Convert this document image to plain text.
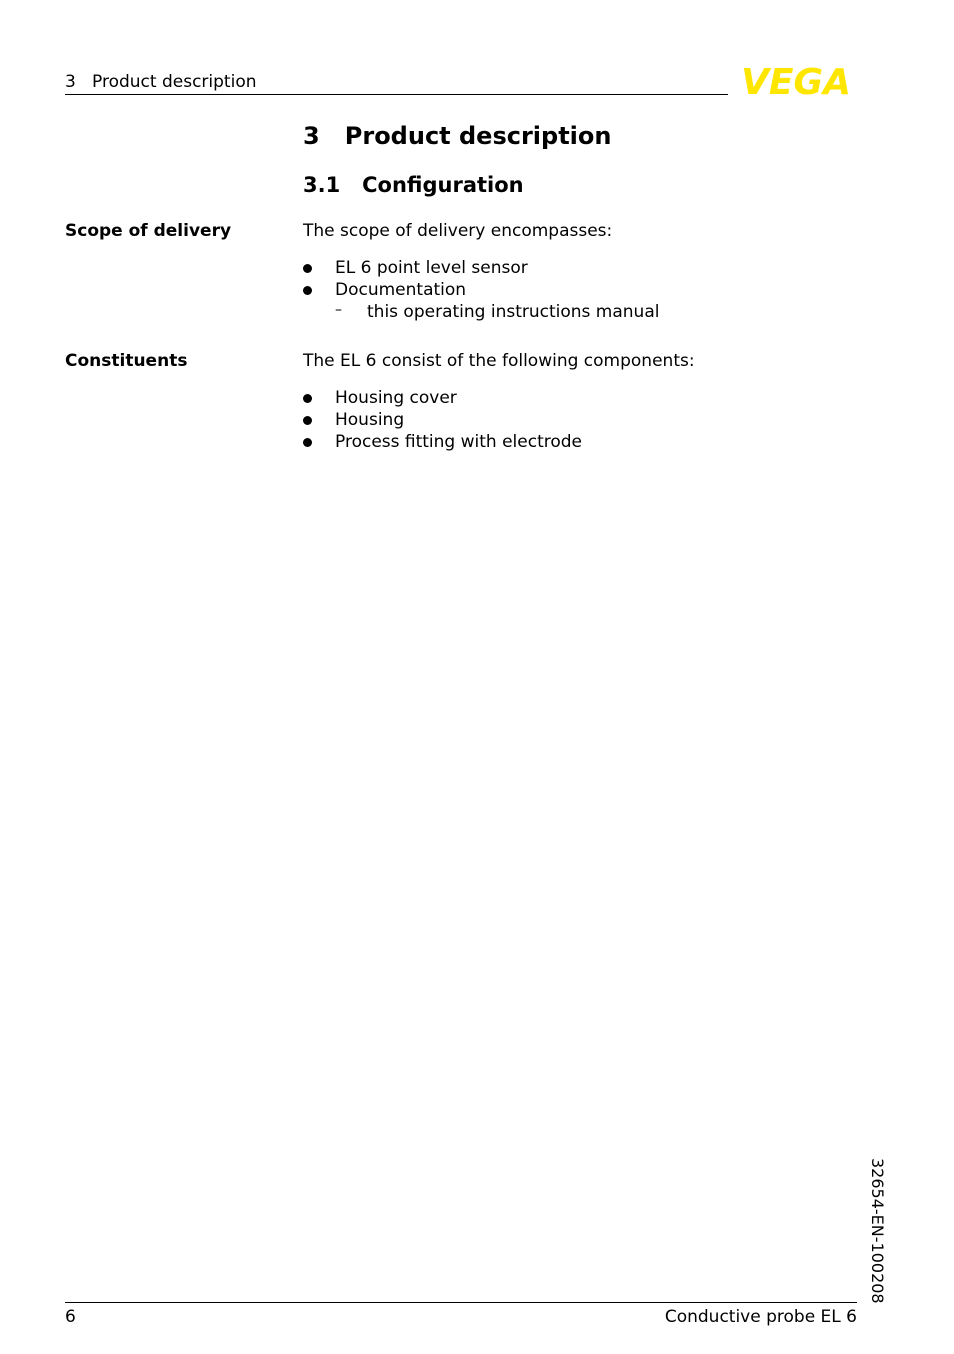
3   Product description	VEGA
3   Product description
3.1   Configuration
Scope of delivery	The scope of delivery encompasses:
EL 6 point level sensor
Documentation
– this operating instructions manual
Constituents	The EL 6 consist of the following components:
Housing cover
Housing
Process fitting with electrode
32654-EN-100208
6	Conductive probe EL 6
